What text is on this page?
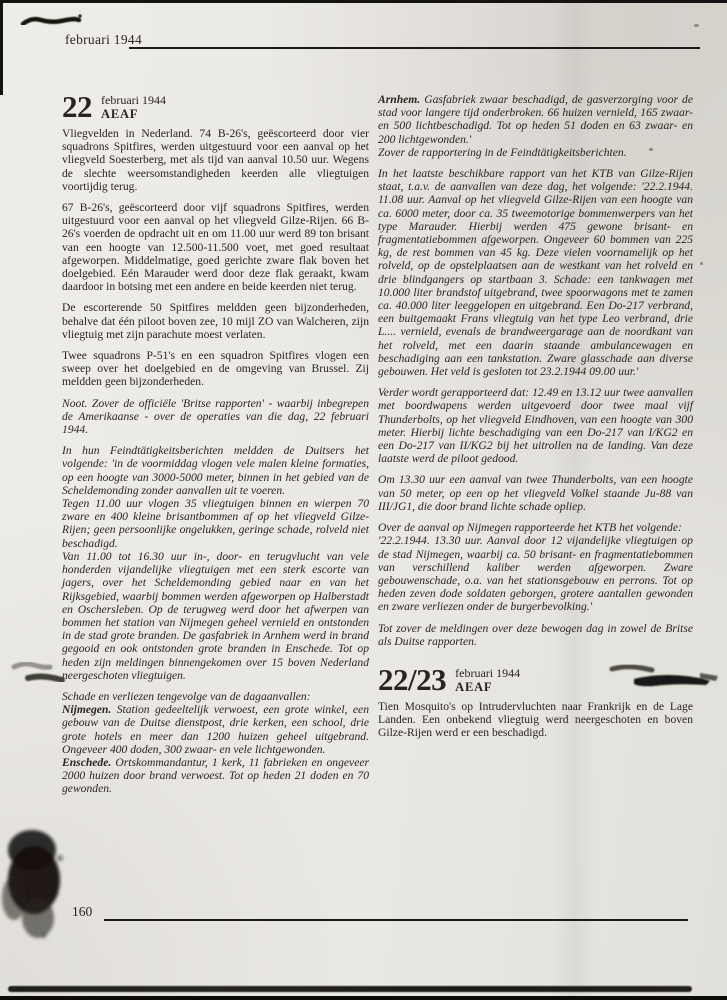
februari 1944
22 februari 1944
AEAF

Vliegvelden in Nederland. 74 B-26's, geëscorteerd door vier squadrons Spitfires, werden uitgestuurd voor een aanval op het vliegveld Soesterberg, met als tijd van aanval 10.50 uur. Wegens de slechte weersomstandigheden keerden alle vliegtuigen voortijdig terug.

67 B-26's, geëscorteerd door vijf squadrons Spitfires, werden uitgestuurd voor een aanval op het vliegveld Gilze-Rijen. 66 B-26's voerden de opdracht uit en om 11.00 uur werd 89 ton brisant van een hoogte van 12.500-11.500 voet, met goed resultaat afgeworpen. Middelmatige, goed gerichte zware flak boven het doelgebied. Eén Marauder werd door deze flak geraakt, kwam daardoor in botsing met een andere en beide keerden niet terug.

De escorterende 50 Spitfires meldden geen bijzonderheden, behalve dat één piloot boven zee, 10 mijl ZO van Walcheren, zijn vliegtuig met zijn parachute moest verlaten.

Twee squadrons P-51's en een squadron Spitfires vlogen een sweep over het doelgebied en de omgeving van Brussel. Zij meldden geen bijzonderheden.

Noot. Zover de officiële 'Britse rapporten' - waarbij inbegrepen de Amerikaanse - over de operaties van die dag, 22 februari 1944.

In hun Feindtätigkeitsberichten meldden de Duitsers het volgende: 'in de voormiddag vlogen vele malen kleine formaties, op een hoogte van 3000-5000 meter, binnen in het gebied van de Scheldemonding zonder aanvallen uit te voeren.

Tegen 11.00 uur vlogen 35 vliegtuigen binnen en wierpen 70 zware en 400 kleine brisantbommen af op het vliegveld Gilze-Rijen; geen persoonlijke ongelukken, geringe schade, rolveld niet beschadigd.

Van 11.00 tot 16.30 uur in-, door- en terugvlucht van vele honderden vijandelijke vliegtuigen met een sterk escorte van jagers, over het Scheldemonding gebied naar en van het Rijksgebied, waarbij bommen werden afgeworpen op Halberstadt en Oschersleben. Op de terugweg werd door het afwerpen van bommen het station van Nijmegen geheel vernield en ontstonden in de stad grote branden. De gasfabriek in Arnhem werd in brand gegooid en ook ontstonden grote branden in Enschede. Tot op heden zijn meldingen binnengekomen over 15 boven Nederland neergeschoten vliegtuigen.

Schade en verliezen tengevolge van de dagaanvallen:

Nijmegen. Station gedeeltelijk verwoest, een grote winkel, een gebouw van de Duitse dienstpost, drie kerken, een school, drie grote hotels en meer dan 1200 huizen geheel uitgebrand. Ongeveer 400 doden, 300 zwaar- en vele lichtgewonden.

Enschede. Ortskommandantur, 1 kerk, 11 fabrieken en ongeveer 2000 huizen door brand verwoest. Tot op heden 21 doden en 70 gewonden.

Arnhem. Gasfabriek zwaar beschadigd, de gasverzorging voor de stad voor langere tijd onderbroken. 66 huizen vernield, 165 zwaar- en 500 lichtbeschadigd. Tot op heden 51 doden en 63 zwaar- en 200 lichtgewonden.'

Zover de rapportering in de Feindtätigkeitsberichten.

In het laatste beschikbare rapport van het KTB van Gilze-Rijen staat, t.a.v. de aanvallen van deze dag, het volgende: '22.2.1944. 11.08 uur. Aanval op het vliegveld Gilze-Rijen van een hoogte van ca. 6000 meter, door ca. 35 tweemotorige bommenwerpers van het type Marauder. Hierbij werden 475 gewone brisant- en fragmentatiebommen afgeworpen. Ongeveer 60 bommen van 225 kg, de rest bommen van 45 kg. Deze vielen voornamelijk op het rolveld, op de opstelplaatsen aan de westkant van het rolveld en drie blindgangers op startbaan 3. Schade: een tankwagen met 10.000 liter brandstof uitgebrand, twee spoorwagons met te zamen ca. 40.000 liter leeggelopen en uitgebrand. Een Do-217 verbrand, een buitgemaakt Frans vliegtuig van het type Leo verbrand, drie L.... vernield, evenals de brandweergarage aan de noordkant van het rolveld, met een daarin staande ambulancewagen en beschadiging aan een tankstation. Zware glasschade aan diverse gebouwen. Het veld is gesloten tot 23.2.1944 09.00 uur.'

Verder wordt gerapporteerd dat: 12.49 en 13.12 uur twee aanvallen met boordwapens werden uitgevoerd door twee maal vijf Thunderbolts, op het vliegveld Eindhoven, van een hoogte van 300 meter. Hierbij lichte beschadiging van een Do-217 van I/KG2 en een Do-217 van II/KG2 bij het uitrollen na de landing. Van deze laatste werd de piloot gedood.

Om 13.30 uur een aanval van twee Thunderbolts, van een hoogte van 50 meter, op een op het vliegveld Volkel staande Ju-88 van III/JG1, die door brand lichte schade opliep.

Over de aanval op Nijmegen rapporteerde het KTB het volgende:

'22.2.1944. 13.30 uur. Aanval door 12 vijandelijke vliegtuigen op de stad Nijmegen, waarbij ca. 50 brisant- en fragmentatiebommen van verschillend kaliber werden afgeworpen. Zware gebouwenschade, o.a. van het stationsgebouw en perrons. Tot op heden zeven dode soldaten geborgen, grotere aantallen gewonden en zware verliezen onder de burgerbevolking.'

Tot zover de meldingen over deze bewogen dag in zowel de Britse als Duitse rapporten.

22/23 februari 1944
AEAF

Tien Mosquito's op Intrudervluchten naar Frankrijk en de Lage Landen. Een onbekend vliegtuig werd neergeschoten en boven Gilze-Rijen werd er een beschadigd.

160
